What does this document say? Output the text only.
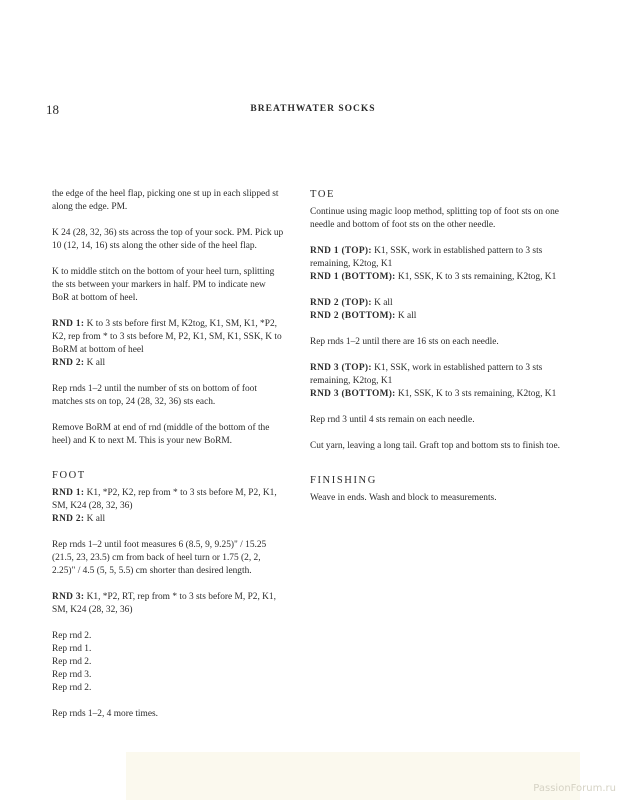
18	BREATHWATER SOCKS

the edge of the heel flap, picking one st up in each slipped st along the edge. PM.

K 24 (28, 32, 36) sts across the top of your sock. PM. Pick up 10 (12, 14, 16) sts along the other side of the heel flap.

K to middle stitch on the bottom of your heel turn, splitting the sts between your markers in half. PM to indicate new BoR at bottom of heel.

RND 1: K to 3 sts before first M, K2tog, K1, SM, K1, *P2, K2, rep from * to 3 sts before M, P2, K1, SM, K1, SSK, K to BoRM at bottom of heel

RND 2: K all

Rep rnds 1–2 until the number of sts on bottom of foot matches sts on top, 24 (28, 32, 36) sts each.

Remove BoRM at end of rnd (middle of the bottom of the heel) and K to next M. This is your new BoRM.

FOOT

RND 1: K1, *P2, K2, rep from * to 3 sts before M, P2, K1, SM, K24 (28, 32, 36)

RND 2: K all

Rep rnds 1–2 until foot measures 6 (8.5, 9, 9.25)" / 15.25 (21.5, 23, 23.5) cm from back of heel turn or 1.75 (2, 2, 2.25)" / 4.5 (5, 5, 5.5) cm shorter than desired length.

RND 3: K1, *P2, RT, rep from * to 3 sts before M, P2, K1, SM, K24 (28, 32, 36)

Rep rnd 2.

Rep rnd 1.

Rep rnd 2.

Rep rnd 3.

Rep rnd 2.

Rep rnds 1–2, 4 more times.

TOE

Continue using magic loop method, splitting top of foot sts on one needle and bottom of foot sts on the other needle.

RND 1 (TOP): K1, SSK, work in established pattern to 3 sts remaining, K2tog, K1

RND 1 (BOTTOM): K1, SSK, K to 3 sts remaining, K2tog, K1

RND 2 (TOP): K all

RND 2 (BOTTOM): K all

Rep rnds 1–2 until there are 16 sts on each needle.

RND 3 (TOP): K1, SSK, work in established pattern to 3 sts remaining, K2tog, K1

RND 3 (BOTTOM): K1, SSK, K to 3 sts remaining, K2tog, K1

Rep rnd 3 until 4 sts remain on each needle.

Cut yarn, leaving a long tail. Graft top and bottom sts to finish toe.

FINISHING

Weave in ends. Wash and block to measurements.

PassionForum.ru
